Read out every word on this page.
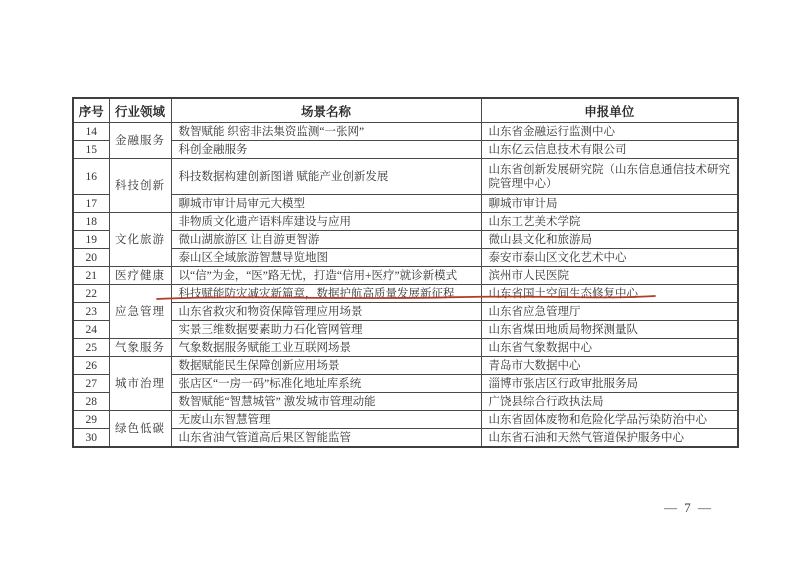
序号	行业领域	场景名称	申报单位
14	金融服务	数智赋能 织密非法集资监测“一张网”	山东省金融运行监测中心
15		科创金融服务	山东亿云信息技术有限公司
16	科技创新	科技数据构建创新图谱 赋能产业创新发展	山东省创新发展研究院（山东信息通信技术研究院管理中心）
17		聊城市审计局审元大模型	聊城市审计局
18	文化旅游	非物质文化遗产语料库建设与应用	山东工艺美术学院
19		微山湖旅游区 让自游更智游	微山县文化和旅游局
20		泰山区全域旅游智慧导览地图	泰安市泰山区文化艺术中心
21	医疗健康	以“信”为金，“医”路无忧，打造“信用+医疗”就诊新模式	滨州市人民医院
22	应急管理	科技赋能防灾减灾新篇章，数据护航高质量发展新征程	山东省国土空间生态修复中心
23		山东省救灾和物资保障管理应用场景	山东省应急管理厅
24		实景三维数据要素助力石化管网管理	山东省煤田地质局物探测量队
25	气象服务	气象数据服务赋能工业互联网场景	山东省气象数据中心
26	城市治理	数据赋能民生保障创新应用场景	青岛市大数据中心
27		张店区“一房一码”标准化地址库系统	淄博市张店区行政审批服务局
28		数智赋能“智慧城管” 激发城市管理动能	广饶县综合行政执法局
29	绿色低碳	无废山东智慧管理	山东省固体废物和危险化学品污染防治中心
30		山东省油气管道高后果区智能监管	山东省石油和天然气管道保护服务中心
— 7 —
